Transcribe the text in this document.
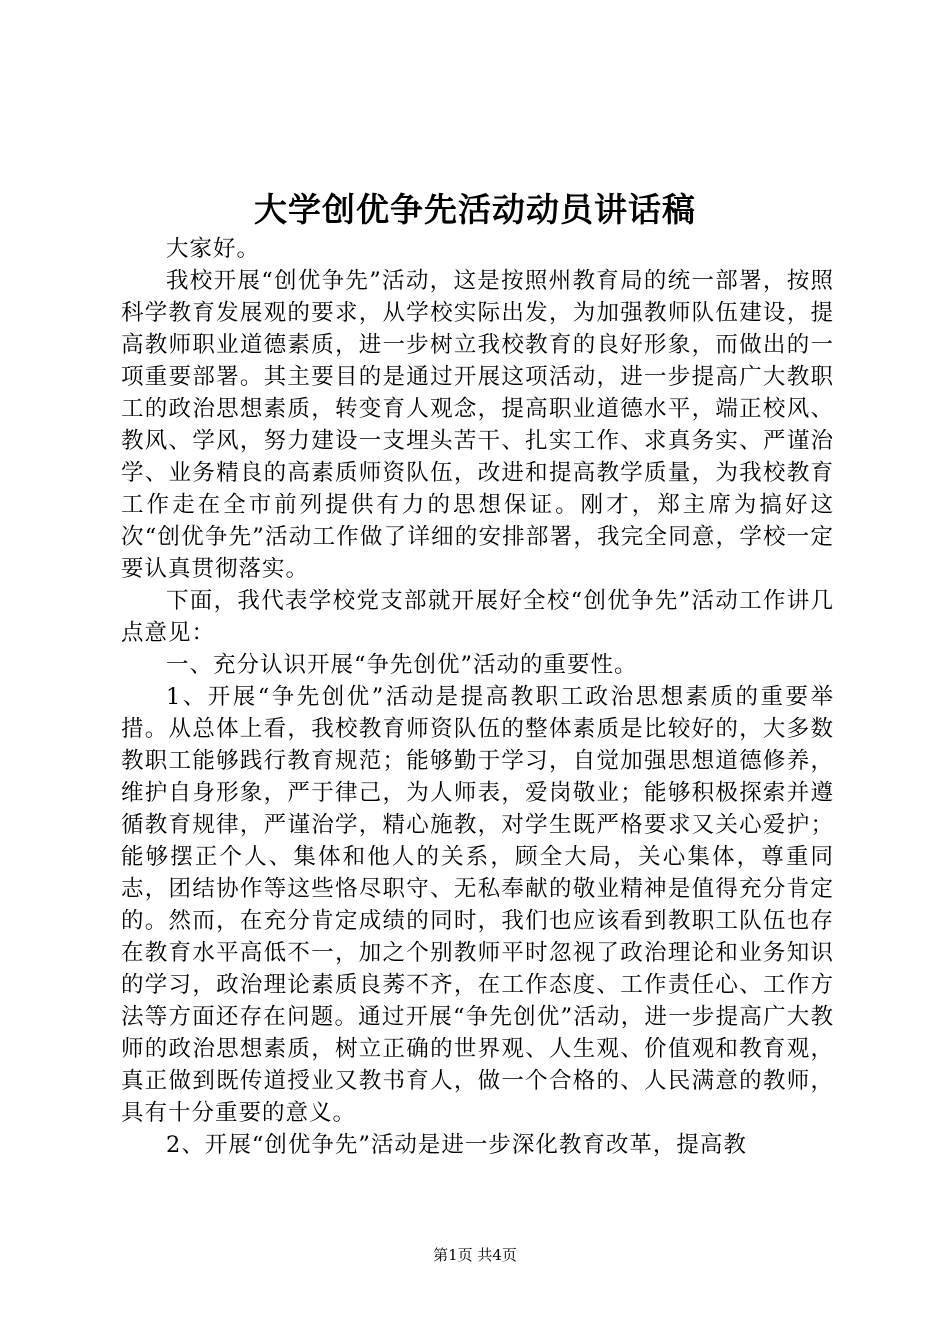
大学创优争先活动动员讲话稿

大家好。

我校开展“创优争先”活动，这是按照州教育局的统一部署，按照科学教育发展观的要求，从学校实际出发，为加强教师队伍建设，提高教师职业道德素质，进一步树立我校教育的良好形象，而做出的一项重要部署。其主要目的是通过开展这项活动，进一步提高广大教职工的政治思想素质，转变育人观念，提高职业道德水平，端正校风、教风、学风，努力建设一支埋头苦干、扎实工作、求真务实、严谨治学、业务精良的高素质师资队伍，改进和提高教学质量，为我校教育工作走在全市前列提供有力的思想保证。刚才，郑主席为搞好这次“创优争先”活动工作做了详细的安排部署，我完全同意，学校一定要认真贯彻落实。

下面，我代表学校党支部就开展好全校“创优争先”活动工作讲几点意见：

一、充分认识开展“争先创优”活动的重要性。

1、开展“争先创优”活动是提高教职工政治思想素质的重要举措。从总体上看，我校教育师资队伍的整体素质是比较好的，大多数教职工能够践行教育规范；能够勤于学习，自觉加强思想道德修养，维护自身形象，严于律己，为人师表，爱岗敬业；能够积极探索并遵循教育规律，严谨治学，精心施教，对学生既严格要求又关心爱护；能够摆正个人、集体和他人的关系，顾全大局，关心集体，尊重同志，团结协作等这些恪尽职守、无私奉献的敬业精神是值得充分肯定的。然而，在充分肯定成绩的同时，我们也应该看到教职工队伍也存在教育水平高低不一，加之个别教师平时忽视了政治理论和业务知识的学习，政治理论素质良莠不齐，在工作态度、工作责任心、工作方法等方面还存在问题。通过开展“争先创优”活动，进一步提高广大教师的政治思想素质，树立正确的世界观、人生观、价值观和教育观，真正做到既传道授业又教书育人，做一个合格的、人民满意的教师，具有十分重要的意义。

2、开展“创优争先”活动是进一步深化教育改革，提高教

第1页 共4页
